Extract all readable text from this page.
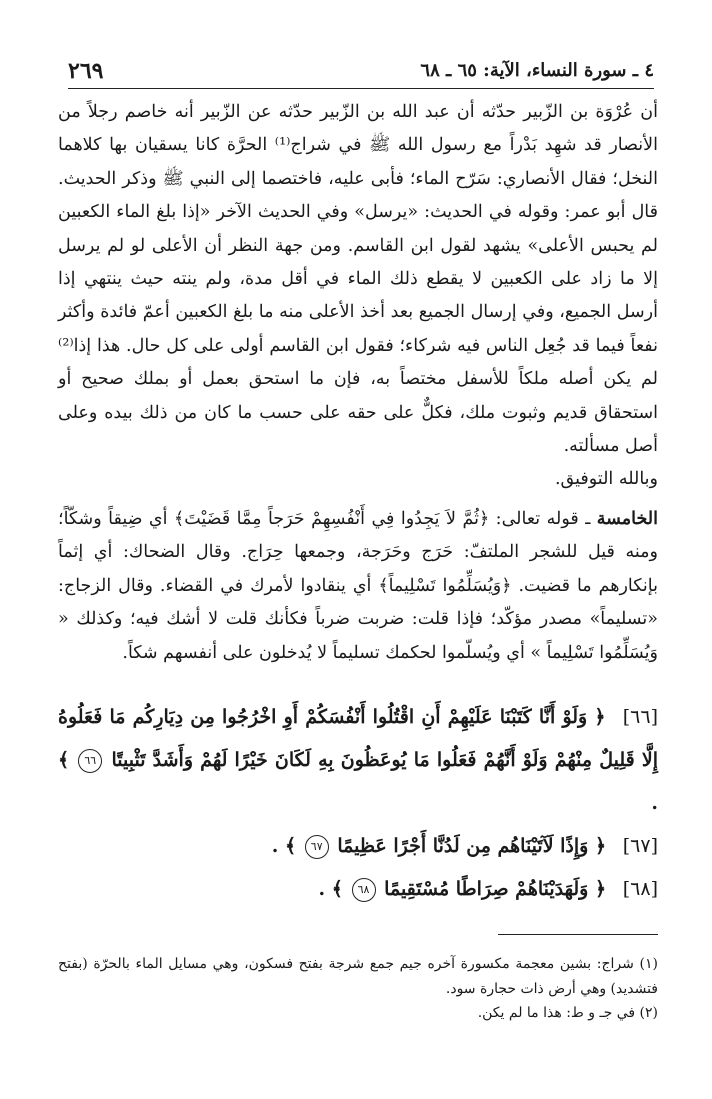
٤ ـ سورة النساء، الآية: ٦٥ ـ ٦٨
٢٦٩

أن عُرْوَة بن الزّبير حدّثه أن عبد الله بن الزّبير حدّثه عن الزّبير أنه خاصم رجلاً من الأنصار قد شهِد بَدْراً مع رسول الله ﷺ في شراج⁽¹⁾ الحرَّة كانا يسقيان بها كلاهما النخل؛ فقال الأنصاري: سَرّح الماء؛ فأبى عليه، فاختصما إلى النبي ﷺ وذكر الحديث. قال أبو عمر: وقوله في الحديث: «يرسل» وفي الحديث الآخر «إذا بلغ الماء الكعبين لم يحبس الأعلى» يشهد لقول ابن القاسم. ومن جهة النظر أن الأعلى لو لم يرسل إلا ما زاد على الكعبين لا يقطع ذلك الماء في أقل مدة، ولم ينته حيث ينتهي إذا أرسل الجميع، وفي إرسال الجميع بعد أخذ الأعلى منه ما بلغ الكعبين أعمّ فائدة وأكثر نفعاً فيما قد جُعِل الناس فيه شركاء؛ فقول ابن القاسم أولى على كل حال. هذا إذا⁽²⁾ لم يكن أصله ملكاً للأسفل مختصاً به، فإن ما استحق بعمل أو بملك صحيح أو استحقاق قديم وثبوت ملك، فكلٌّ على حقه على حسب ما كان من ذلك بيده وعلى أصل مسألته.

وبالله التوفيق.

الخامسة ـ قوله تعالى: ﴿ثُمَّ لاَ يَجِدُوا فِي أَنْفُسِهِمْ حَرَجاً مِمَّا قَضَيْتَ﴾ أي ضِيقاً وشكّاً؛ ومنه قيل للشجر الملتفّ: حَرَج وحَرَجة، وجمعها حِرَاج. وقال الضحاك: أي إثماً بإنكارهم ما قضيت. ﴿وَيُسَلِّمُوا تَسْلِيماً﴾ أي ينقادوا لأمرك في القضاء. وقال الزجاج: «تسليماً» مصدر مؤكّد؛ فإذا قلت: ضربت ضرباً فكأنك قلت لا أشك فيه؛ وكذلك « وَيُسَلِّمُوا تَسْلِيماً » أي ويُسلّموا لحكمك تسليماً لا يُدخلون على أنفسهم شكاً.

[٦٦] ﴿ وَلَوْ أَنَّا كَتَبْنَا عَلَيْهِمْ أَنِ اقْتُلُوا أَنْفُسَكُمْ أَوِ اخْرُجُوا مِن دِيَارِكُم مَا فَعَلُوهُ إِلَّا قَلِيلٌ مِنْهُمْ وَلَوْ أَنَّهُمْ فَعَلُوا مَا يُوعَظُونَ بِهِ لَكَانَ خَيْرًا لَهُمْ وَأَشَدَّ تَثْبِيتًا ٦٦ ﴾ .
[٦٧] ﴿ وَإِذًا لَآتَيْنَاهُم مِن لَدُنَّا أَجْرًا عَظِيمًا ٦٧ ﴾ .
[٦٨] ﴿ وَلَهَدَيْنَاهُمْ صِرَاطًا مُسْتَقِيمًا ٦٨ ﴾ .

(١) شراج: بشين معجمة مكسورة آخره جيم جمع شرجة بفتح فسكون، وهي مسايل الماء بالحرّة (بفتح فتشديد) وهي أرض ذات حجارة سود.

(٢) في جـ و ط: هذا ما لم يكن.
